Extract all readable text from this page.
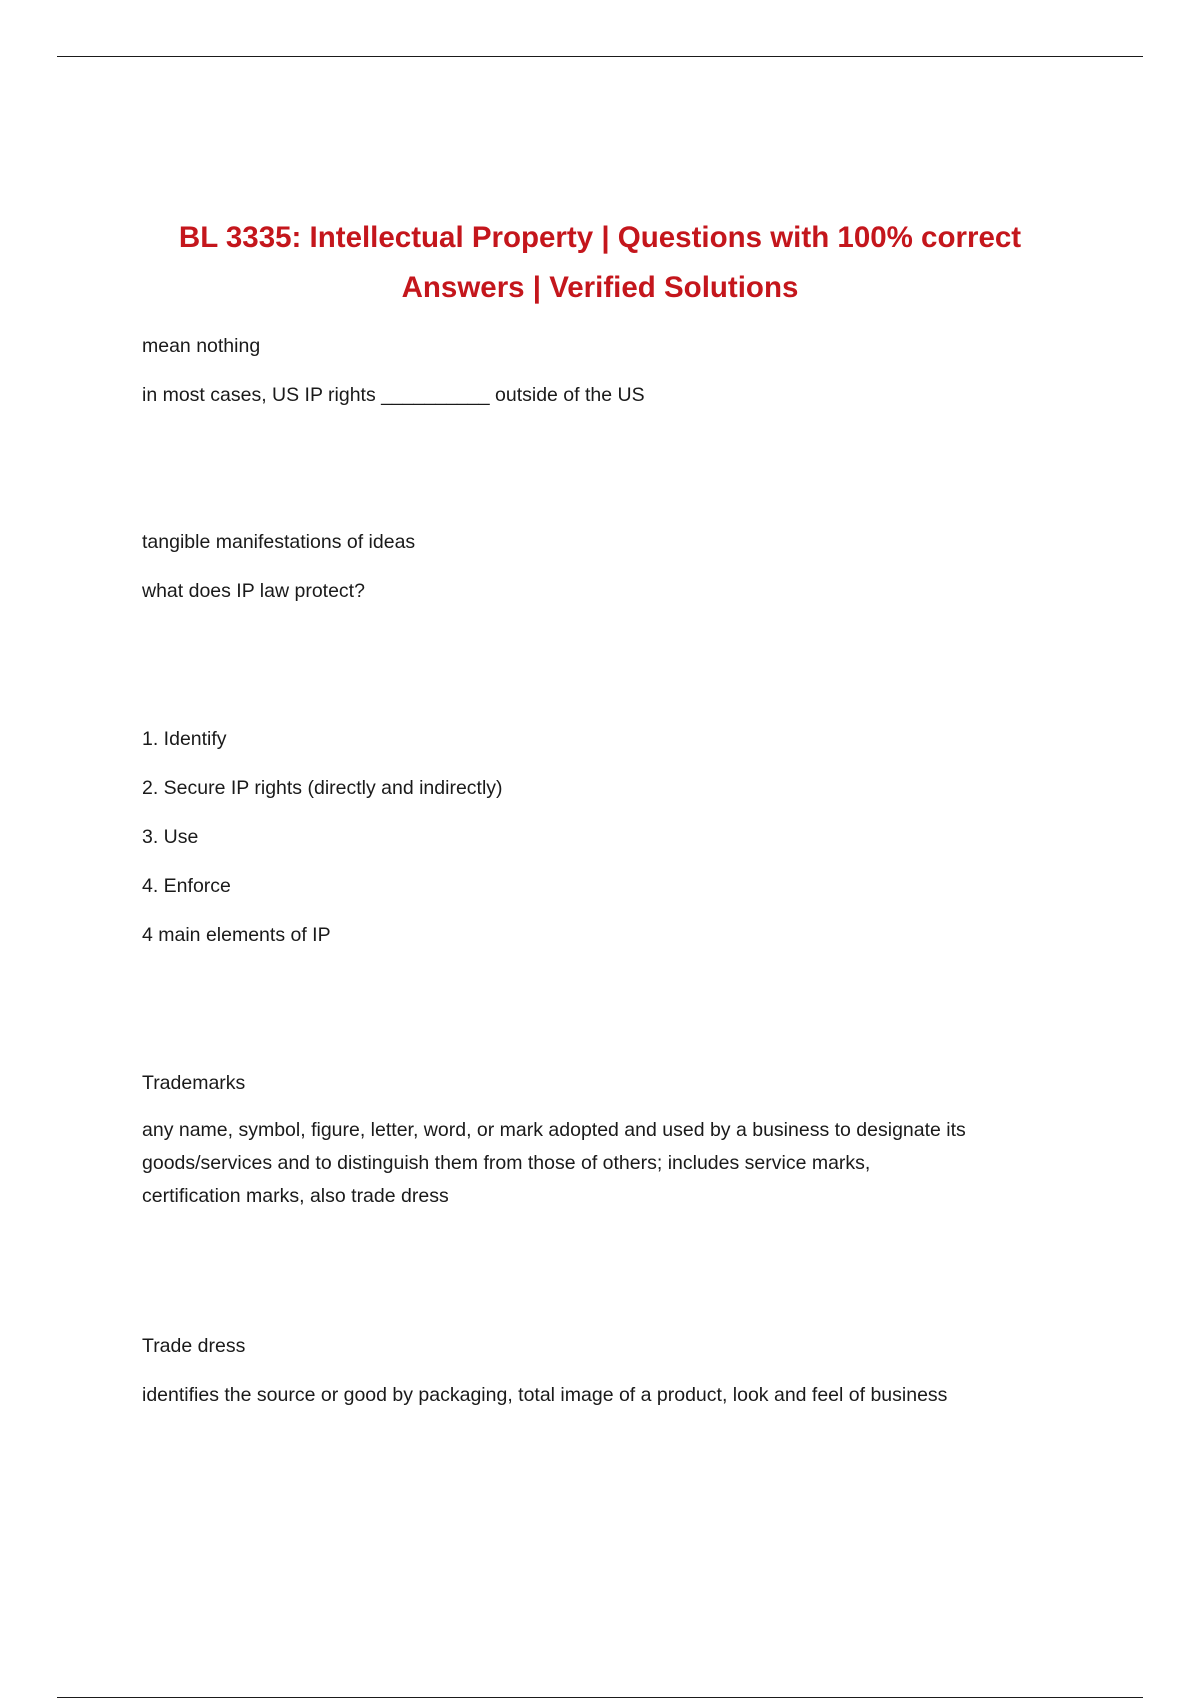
BL 3335: Intellectual Property | Questions with 100% correct
Answers | Verified Solutions

mean nothing

in most cases, US IP rights __________ outside of the US

tangible manifestations of ideas

what does IP law protect?

1. Identify

2. Secure IP rights (directly and indirectly)

3. Use

4. Enforce

4 main elements of IP

Trademarks

any name, symbol, figure, letter, word, or mark adopted and used by a business to designate its
goods/services and to distinguish them from those of others; includes service marks,
certification marks, also trade dress

Trade dress

identifies the source or good by packaging, total image of a product, look and feel of business
